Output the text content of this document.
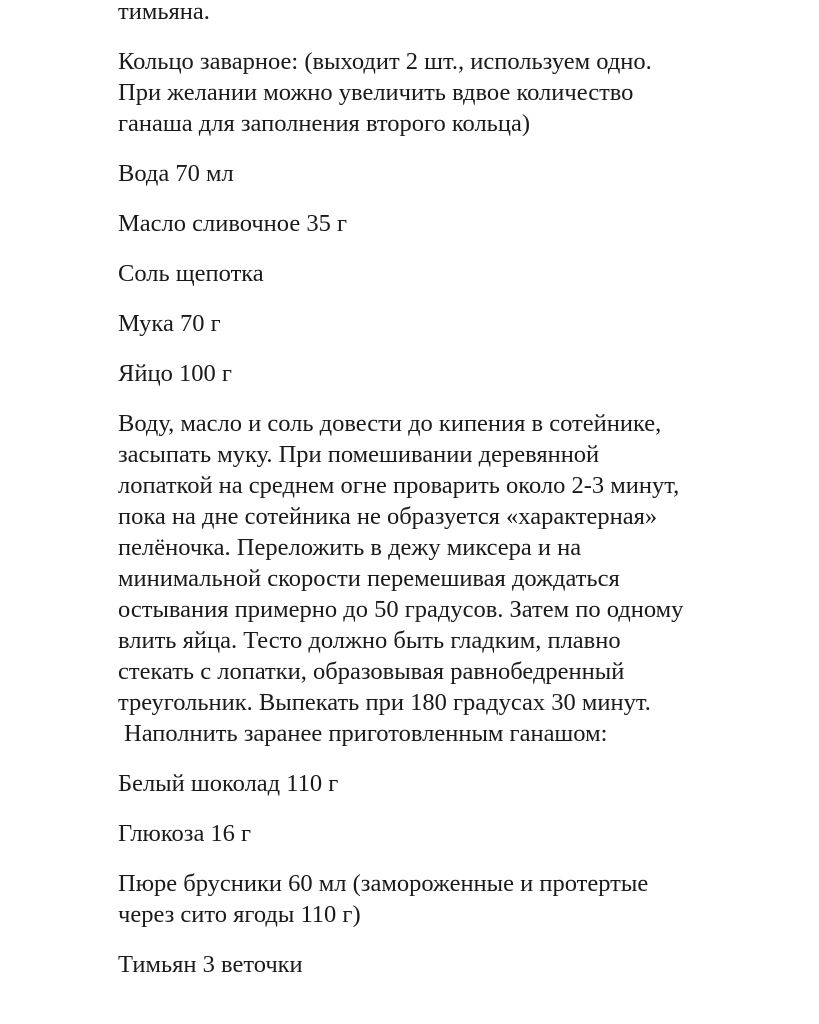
тимьяна.

Кольцо заварное: (выходит 2 шт., используем одно.
При желании можно увеличить вдвое количество
ганаша для заполнения второго кольца)

Вода 70 мл

Масло сливочное 35 г

Соль щепотка

Мука 70 г

Яйцо 100 г

Воду, масло и соль довести до кипения в сотейнике,
засыпать муку. При помешивании деревянной
лопаткой на среднем огне проварить около 2-3 минут,
пока на дне сотейника не образуется «характерная»
пелёночка. Переложить в дежу миксера и на
минимальной скорости перемешивая дождаться
остывания примерно до 50 градусов. Затем по одному
влить яйца. Тесто должно быть гладким, плавно
стекать с лопатки, образовывая равнобедренный
треугольник. Выпекать при 180 градусах 30 минут.

Наполнить заранее приготовленным ганашом:

Белый шоколад 110 г

Глюкоза 16 г

Пюре брусники 60 мл (замороженные и протертые
через сито ягоды 110 г)

Тимьян 3 веточки
